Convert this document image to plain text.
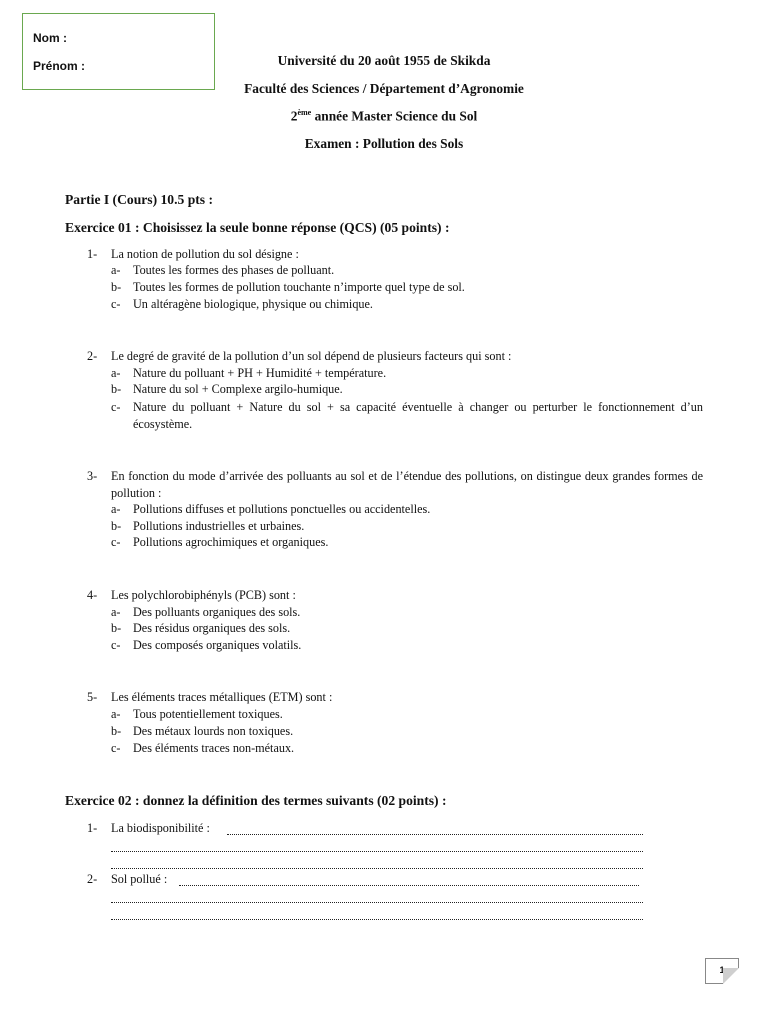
Nom :
Prénom :	Université du 20 août 1955 de Skikda
Faculté des Sciences / Département d’Agronomie
2ème année Master Science du Sol
Examen : Pollution des Sols
Partie I (Cours) 10.5 pts :
Exercice 01 : Choisissez la seule bonne réponse (QCS) (05 points) :
1-	La notion de pollution du sol désigne :
a-	Toutes les formes des phases de polluant.
b- Toutes les formes de pollution touchante n’importe quel type de sol.
c-	Un altéragène biologique, physique ou chimique.
2-	Le degré de gravité de la pollution d’un sol dépend de plusieurs facteurs qui sont :
a-	Nature du polluant + PH + Humidité + température.
b- Nature du sol + Complexe argilo-humique.
c-	Nature du polluant + Nature du sol + sa capacité éventuelle à changer ou perturber le fonctionnement d’un écosystème.
3-	En fonction du mode d’arrivée des polluants au sol et de l’étendue des pollutions, on distingue deux grandes formes de pollution :
a-	Pollutions diffuses et pollutions ponctuelles ou accidentelles.
b- Pollutions industrielles et urbaines.
c-	Pollutions agrochimiques et organiques.
4-	Les polychlorobiphényls (PCB) sont :
a-	Des polluants organiques des sols.
b- Des résidus organiques des sols.
c-	Des composés organiques volatils.
5-	Les éléments traces métalliques (ETM) sont :
a-	Tous potentiellement toxiques.
b- Des métaux lourds non toxiques.
c-	Des éléments traces non-métaux.
Exercice 02 : donnez la définition des termes suivants (02 points) :
1-	La biodisponibilité :
2-	Sol pollué :
1
